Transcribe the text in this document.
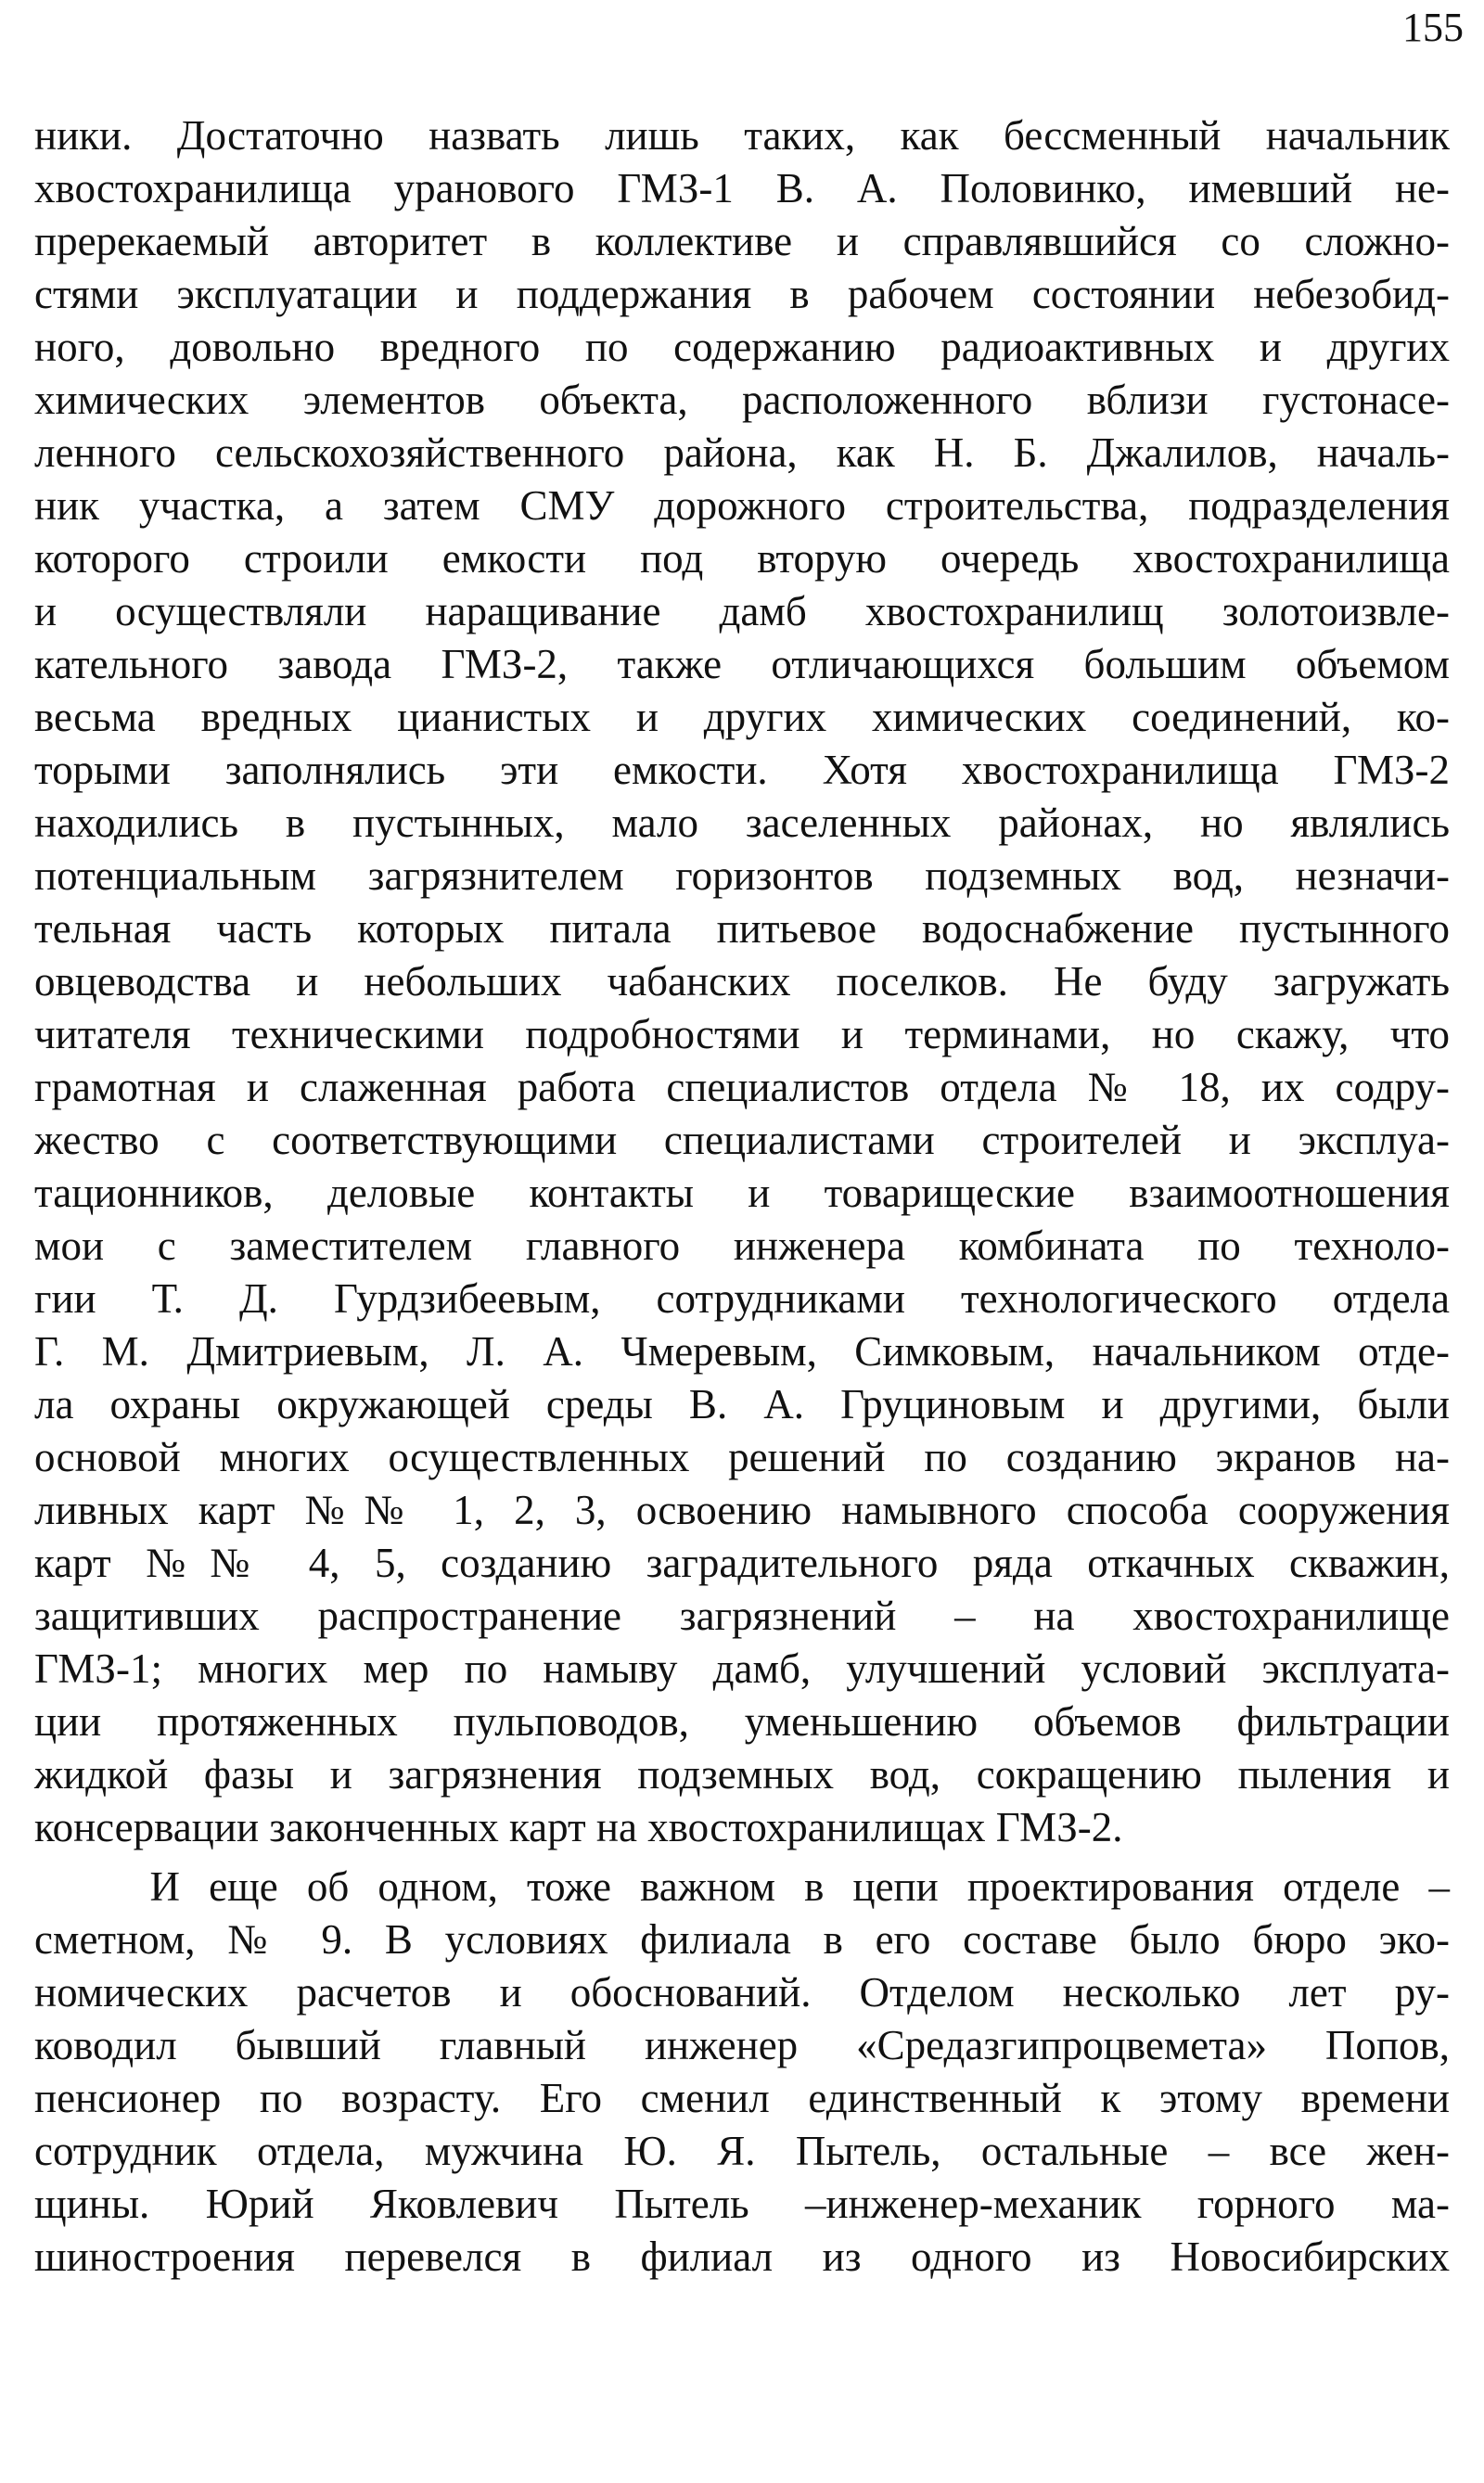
155
ники. Достаточно назвать лишь таких, как бессменный начальник
хвостохранилища уранового ГМЗ-1 В. А. Половинко, имевший не-
пререкаемый авторитет в коллективе и справлявшийся со сложно-
стями эксплуатации и поддержания в рабочем состоянии небезобид-
ного, довольно вредного по содержанию радиоактивных и других
химических элементов объекта, расположенного вблизи густонасе-
ленного сельскохозяйственного района, как Н. Б. Джалилов, началь-
ник участка, а затем СМУ дорожного строительства, подразделения
которого строили емкости под вторую очередь хвостохранилища
и осуществляли наращивание дамб хвостохранилищ золотоизвле-
кательного завода ГМЗ-2, также отличающихся большим объемом
весьма вредных цианистых и других химических соединений, ко-
торыми заполнялись эти емкости. Хотя хвостохранилища ГМЗ-2
находились в пустынных, мало заселенных районах, но являлись
потенциальным загрязнителем горизонтов подземных вод, незначи-
тельная часть которых питала питьевое водоснабжение пустынного
овцеводства и небольших чабанских поселков. Не буду загружать
читателя техническими подробностями и терминами, но скажу, что
грамотная и слаженная работа специалистов отдела № 18, их содру-
жество с соответствующими специалистами строителей и эксплуа-
тационников, деловые контакты и товарищеские взаимоотношения
мои с заместителем главного инженера комбината по техноло-
гии Т. Д. Гурдзибеевым, сотрудниками технологического отдела
Г. М. Дмитриевым, Л. А. Чмеревым, Симковым, начальником отде-
ла охраны окружающей среды В. А. Груциновым и другими, были
основой многих осуществленных решений по созданию экранов на-
ливных карт №№ 1, 2, 3, освоению намывного способа сооружения
карт №№ 4, 5, созданию заградительного ряда откачных скважин,
защитивших распространение загрязнений – на хвостохранилище
ГМЗ-1; многих мер по намыву дамб, улучшений условий эксплуата-
ции протяженных пульповодов, уменьшению объемов фильтрации
жидкой фазы и загрязнения подземных вод, сокращению пыления и
консервации законченных карт на хвостохранилищах ГМЗ-2.
И еще об одном, тоже важном в цепи проектирования отделе –
сметном, № 9. В условиях филиала в его составе было бюро эко-
номических расчетов и обоснований. Отделом несколько лет ру-
ководил бывший главный инженер «Средазгипроцвемета» Попов,
пенсионер по возрасту. Его сменил единственный к этому времени
сотрудник отдела, мужчина Ю. Я. Пытель, остальные – все жен-
щины. Юрий Яковлевич Пытель –инженер-механик горного ма-
шиностроения перевелся в филиал из одного из Новосибирских
